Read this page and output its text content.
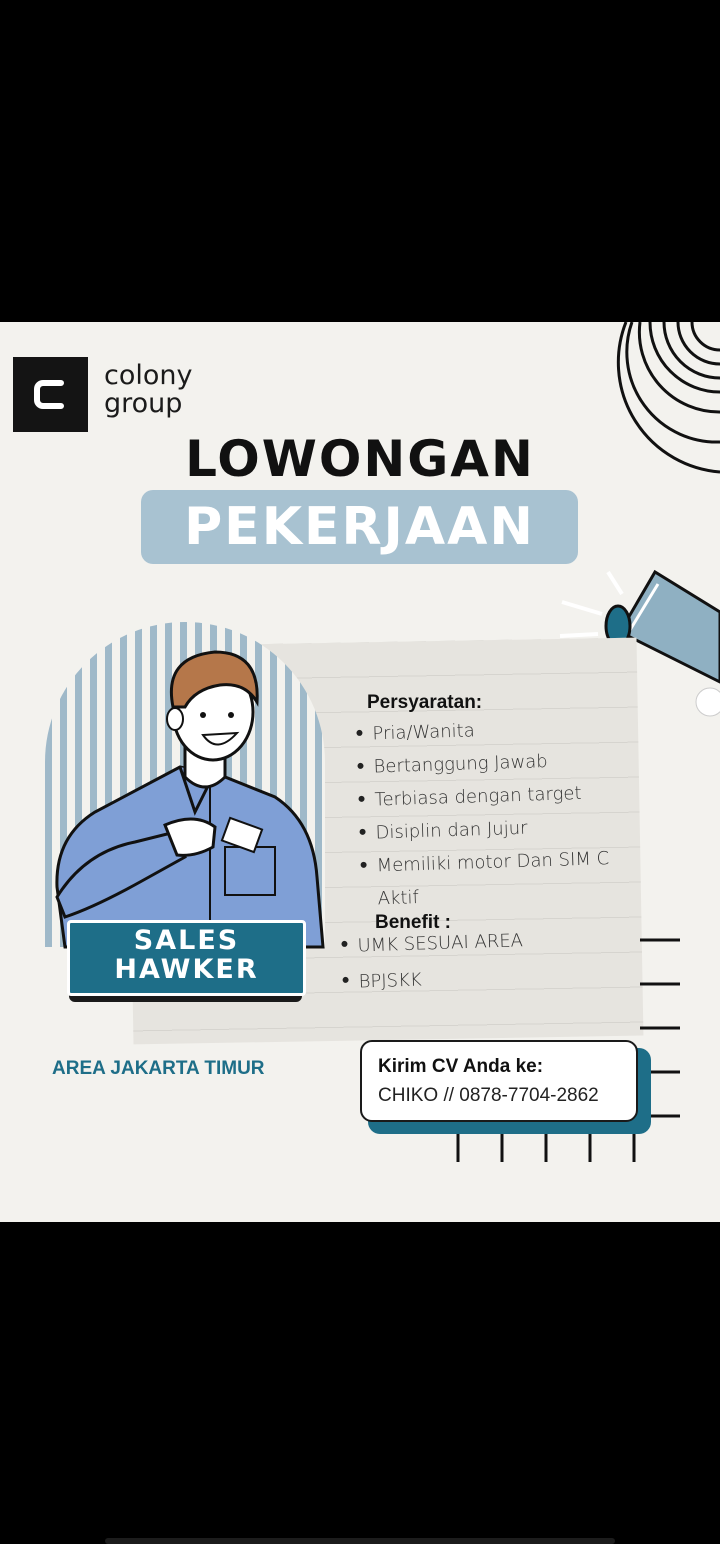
colony
group
LOWONGAN
PEKERJAAN
Persyaratan:
Pria/Wanita
Bertanggung Jawab
Terbiasa dengan target
Disiplin dan Jujur
Memiliki motor Dan SIM C Aktif
Benefit :
UMK SESUAI AREA
BPJSKK
SALES
HAWKER
AREA JAKARTA TIMUR	Kirim CV Anda ke:
CHIKO // 0878-7704-2862
